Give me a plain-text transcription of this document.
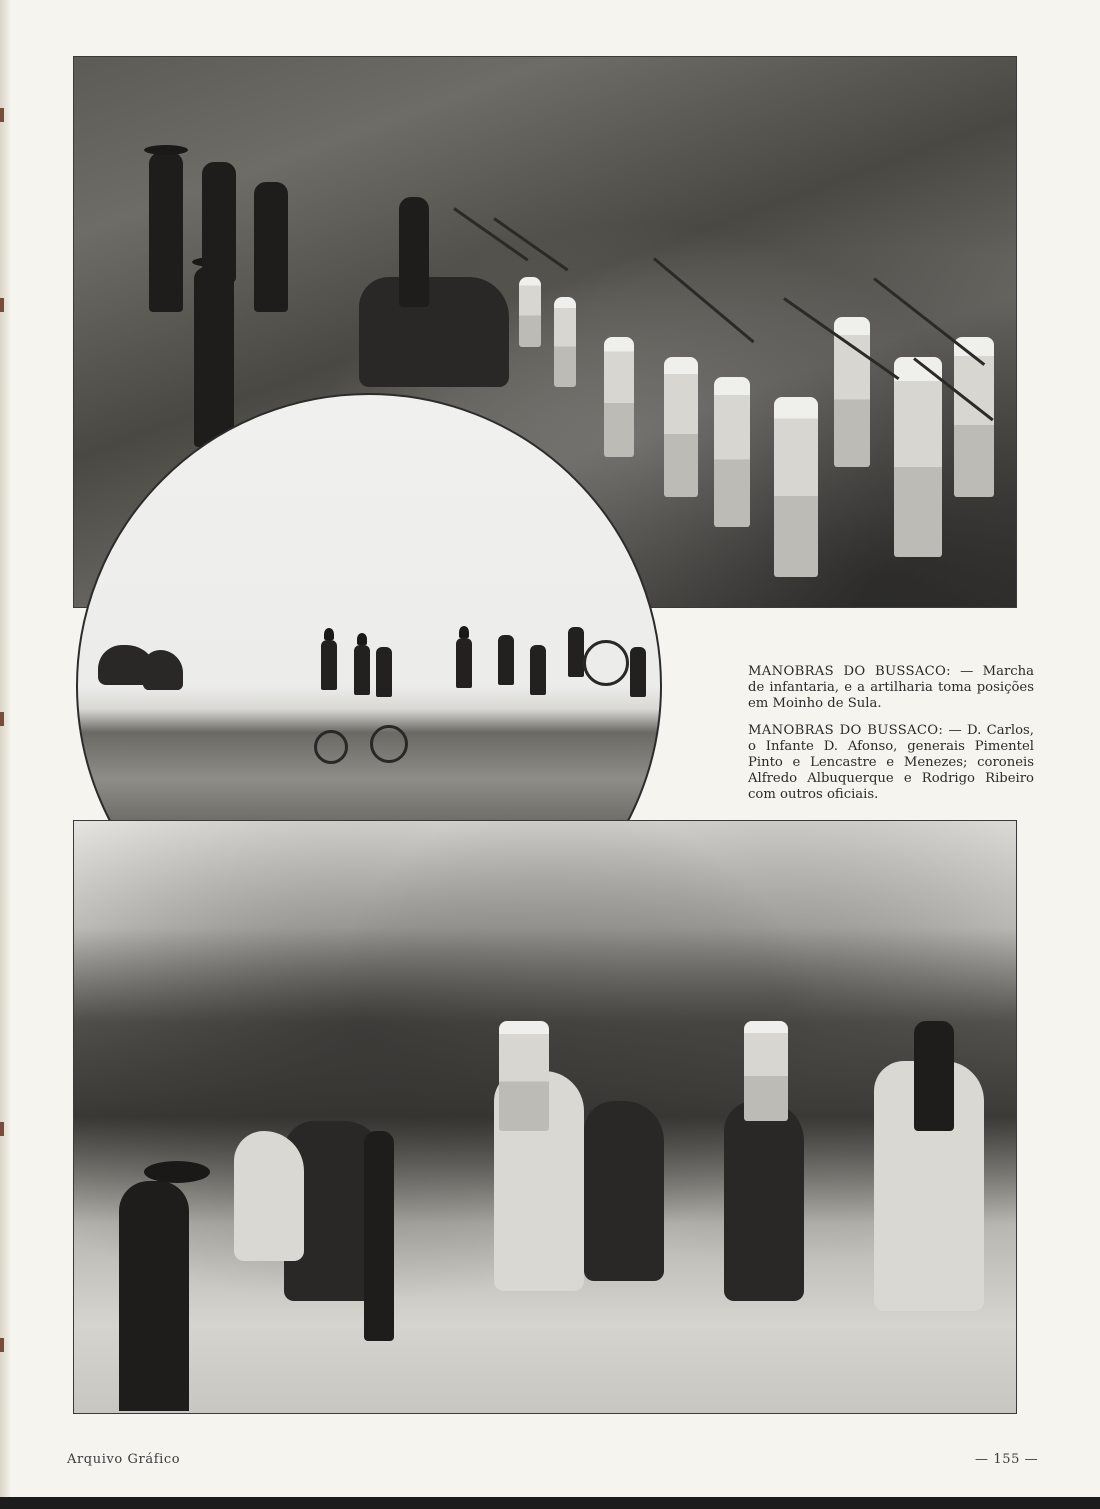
MANOBRAS DO BUSSACO: — Marcha de infantaria, e a artilharia toma posições em Moinho de Sula.

MANOBRAS DO BUSSACO: — D. Carlos, o Infante D. Afonso, generais Pimentel Pinto e Lencastre e Menezes; coroneis Alfredo Albuquerque e Rodrigo Ribeiro com outros oficiais.

Arquivo Gráfico	— 155 —
